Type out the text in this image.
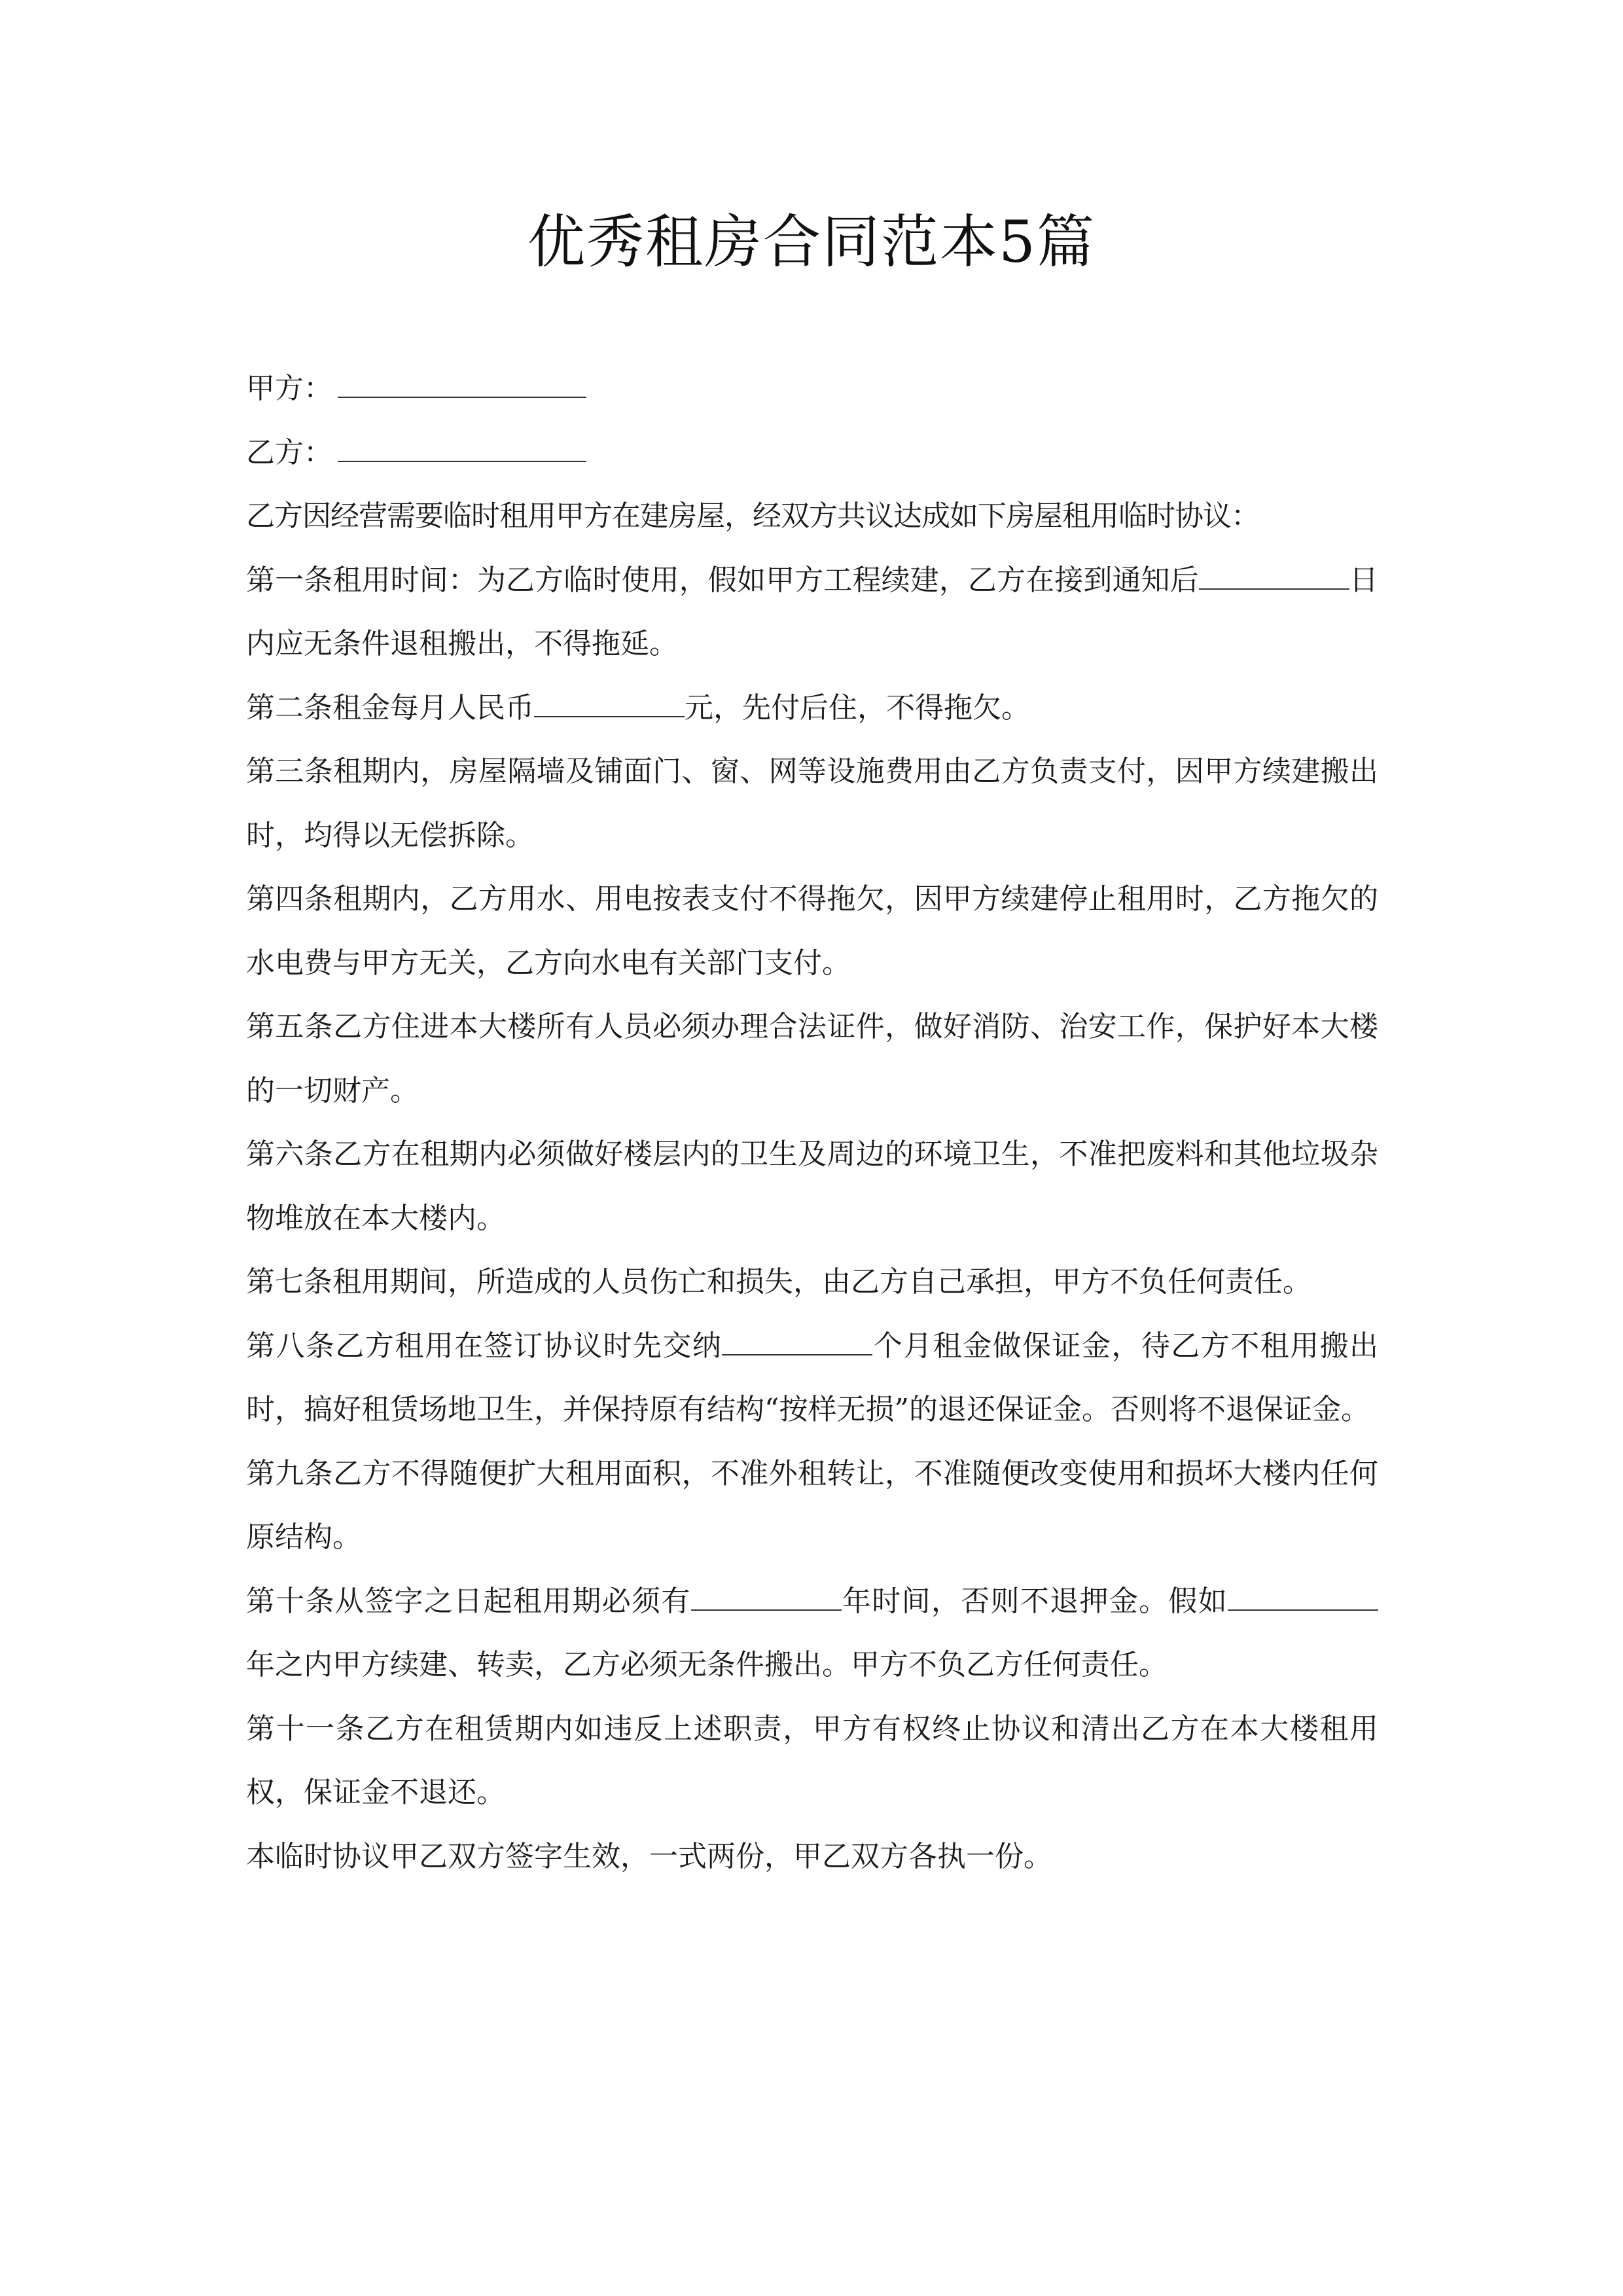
优秀租房合同范本5篇
甲方：
乙方：
乙方因经营需要临时租用甲方在建房屋，经双方共议达成如下房屋租用临时协议：
第一条租用时间：为乙方临时使用，假如甲方工程续建，乙方在接到通知后	日内应无条件退租搬出，不得拖延。
第二条租金每月人民币	元，先付后住，不得拖欠。
第三条租期内，房屋隔墙及铺面门、窗、网等设施费用由乙方负责支付，因甲方续建搬出时，均得以无偿拆除。
第四条租期内，乙方用水、用电按表支付不得拖欠，因甲方续建停止租用时，乙方拖欠的水电费与甲方无关，乙方向水电有关部门支付。
第五条乙方住进本大楼所有人员必须办理合法证件，做好消防、治安工作，保护好本大楼的一切财产。
第六条乙方在租期内必须做好楼层内的卫生及周边的环境卫生，不准把废料和其他垃圾杂物堆放在本大楼内。
第七条租用期间，所造成的人员伤亡和损失，由乙方自己承担，甲方不负任何责任。
第八条乙方租用在签订协议时先交纳	个月租金做保证金，待乙方不租用搬出时，搞好租赁场地卫生，并保持原有结构“按样无损”的退还保证金。否则将不退保证金。
第九条乙方不得随便扩大租用面积，不准外租转让，不准随便改变使用和损坏大楼内任何原结构。
第十条从签字之日起租用期必须有	年时间，否则不退押金。假如年之内甲方续建、转卖，乙方必须无条件搬出。甲方不负乙方任何责任。
第十一条乙方在租赁期内如违反上述职责，甲方有权终止协议和清出乙方在本大楼租用权，保证金不退还。
本临时协议甲乙双方签字生效，一式两份，甲乙双方各执一份。
